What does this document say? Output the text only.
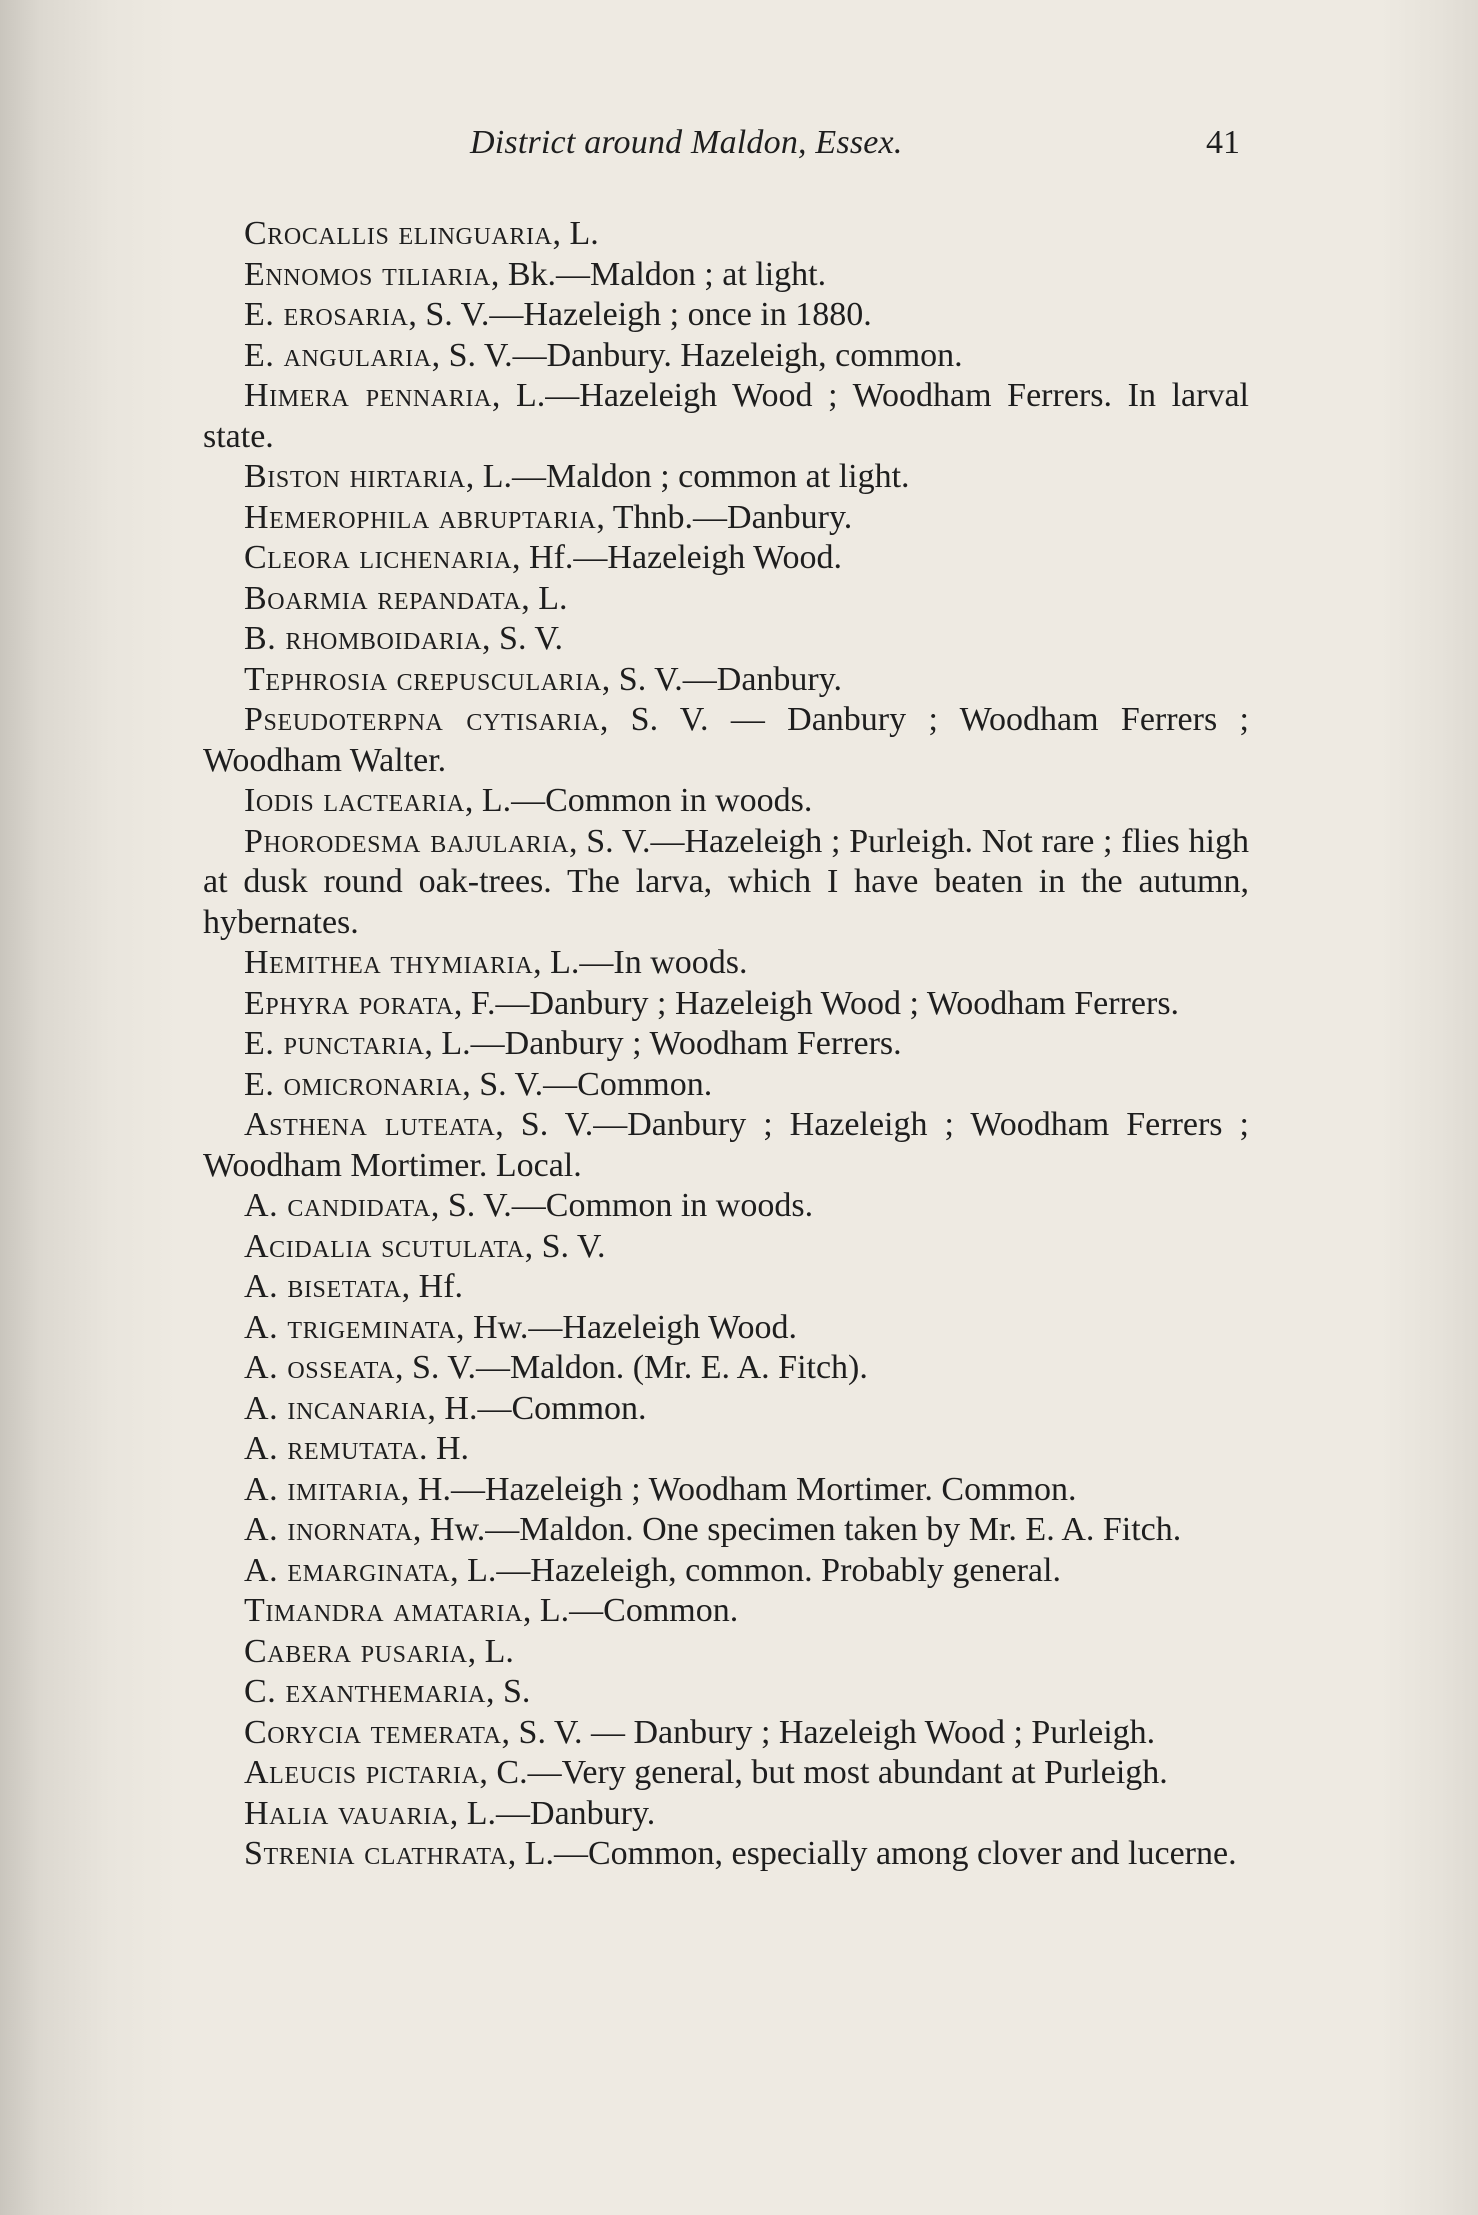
District around Maldon, Essex.	41

Crocallis elinguaria, L.

Ennomos tiliaria, Bk.—Maldon ; at light.

E. erosaria, S. V.—Hazeleigh ; once in 1880.

E. angularia, S. V.—Danbury. Hazeleigh, common.

Himera pennaria, L.—Hazeleigh Wood ; Woodham Ferrers. In larval state.

Biston hirtaria, L.—Maldon ; common at light.

Hemerophila abruptaria, Thnb.—Danbury.

Cleora lichenaria, Hf.—Hazeleigh Wood.

Boarmia repandata, L.

B. rhomboidaria, S. V.

Tephrosia crepuscularia, S. V.—Danbury.

Pseudoterpna cytisaria, S. V. — Danbury ; Woodham Ferrers ; Woodham Walter.

Iodis lactearia, L.—Common in woods.

Phorodesma bajularia, S. V.—Hazeleigh ; Purleigh. Not rare ; flies high at dusk round oak-trees. The larva, which I have beaten in the autumn, hybernates.

Hemithea thymiaria, L.—In woods.

Ephyra porata, F.—Danbury ; Hazeleigh Wood ; Woodham Ferrers.

E. punctaria, L.—Danbury ; Woodham Ferrers.

E. omicronaria, S. V.—Common.

Asthena luteata, S. V.—Danbury ; Hazeleigh ; Woodham Ferrers ; Woodham Mortimer. Local.

A. candidata, S. V.—Common in woods.

Acidalia scutulata, S. V.

A. bisetata, Hf.

A. trigeminata, Hw.—Hazeleigh Wood.

A. osseata, S. V.—Maldon. (Mr. E. A. Fitch).

A. incanaria, H.—Common.

A. remutata. H.

A. imitaria, H.—Hazeleigh ; Woodham Mortimer. Common.

A. inornata, Hw.—Maldon. One specimen taken by Mr. E. A. Fitch.

A. emarginata, L.—Hazeleigh, common. Probably general.

Timandra amataria, L.—Common.

Cabera pusaria, L.

C. exanthemaria, S.

Corycia temerata, S. V. — Danbury ; Hazeleigh Wood ; Purleigh.

Aleucis pictaria, C.—Very general, but most abundant at Purleigh.

Halia vauaria, L.—Danbury.

Strenia clathrata, L.—Common, especially among clover and lucerne.
